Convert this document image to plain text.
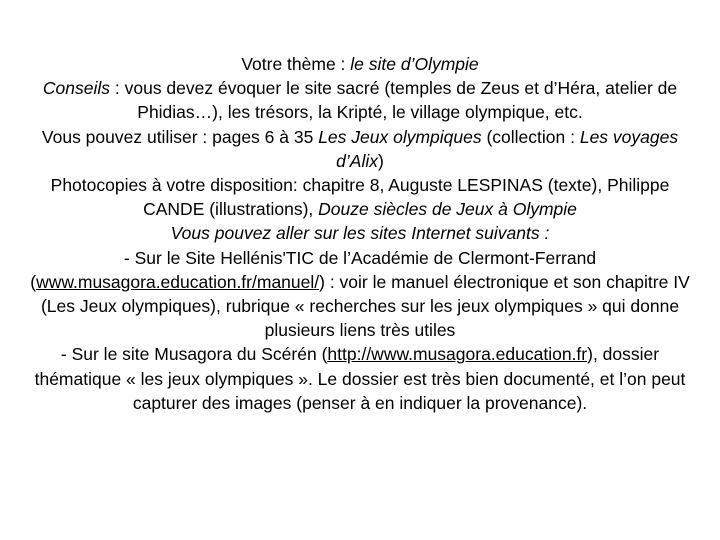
Votre thème : le site d’Olympie

Conseils : vous devez évoquer le site sacré (temples de Zeus et d’Héra, atelier de Phidias…), les trésors, la Kripté, le village olympique, etc.

Vous pouvez utiliser : pages 6 à 35 Les Jeux olympiques (collection : Les voyages d’Alix)

Photocopies à votre disposition: chapitre 8, Auguste LESPINAS (texte), Philippe CANDE (illustrations), Douze siècles de Jeux à Olympie

Vous pouvez aller sur les sites Internet suivants :

- Sur le Site Hellénis'TIC de l’Académie de Clermont-Ferrand (www.musagora.education.fr/manuel/) : voir le manuel électronique et son chapitre IV (Les Jeux olympiques), rubrique « recherches sur les jeux olympiques » qui donne plusieurs liens très utiles

- Sur le site Musagora du Scérén (http://www.musagora.education.fr), dossier thématique « les jeux olympiques ». Le dossier est très bien documenté, et l’on peut capturer des images (penser à en indiquer la provenance).
